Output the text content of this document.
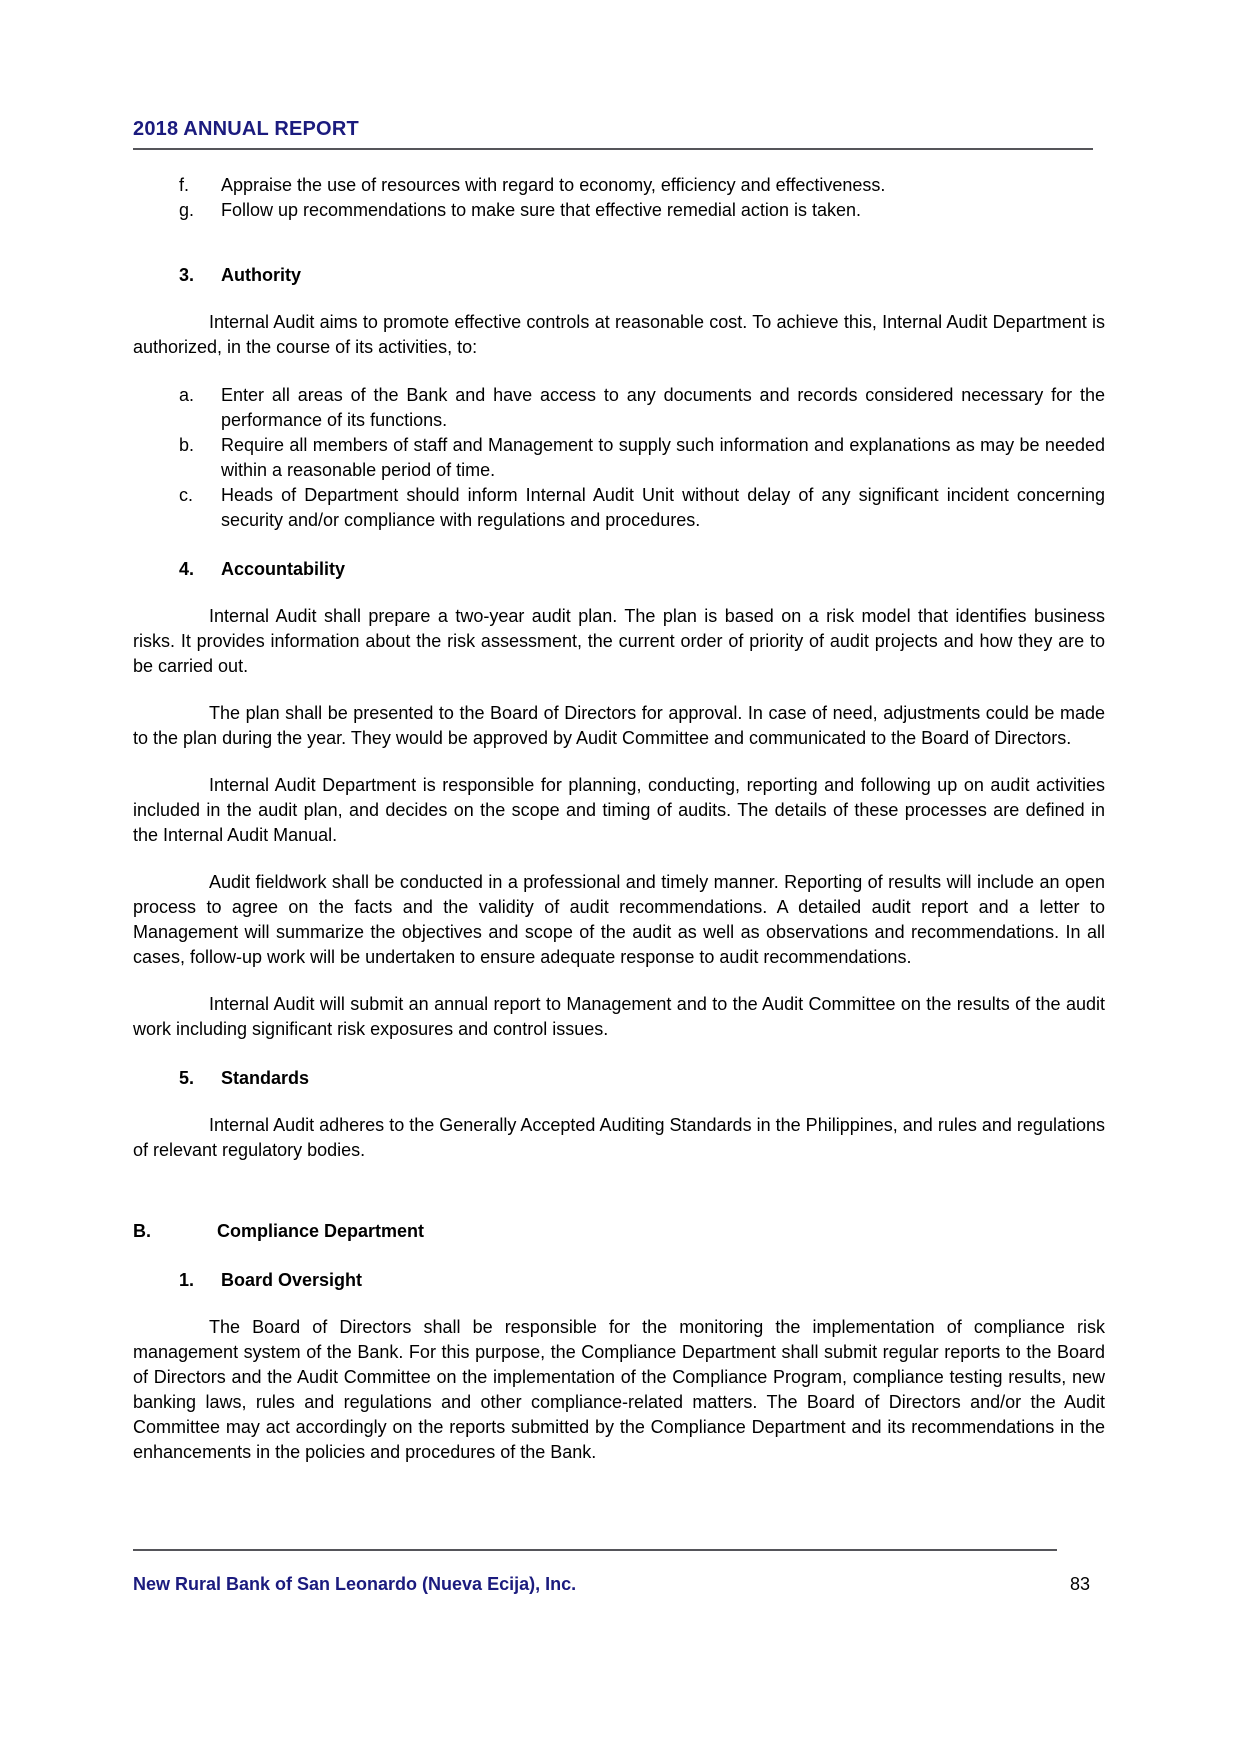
2018 ANNUAL REPORT
f. Appraise the use of resources with regard to economy, efficiency and effectiveness.
g. Follow up recommendations to make sure that effective remedial action is taken.
3. Authority

Internal Audit aims to promote effective controls at reasonable cost. To achieve this, Internal Audit Department is authorized, in the course of its activities, to:

a. Enter all areas of the Bank and have access to any documents and records considered necessary for the performance of its functions.
b. Require all members of staff and Management to supply such information and explanations as may be needed within a reasonable period of time.
c. Heads of Department should inform Internal Audit Unit without delay of any significant incident concerning security and/or compliance with regulations and procedures.
4. Accountability

Internal Audit shall prepare a two-year audit plan. The plan is based on a risk model that identifies business risks. It provides information about the risk assessment, the current order of priority of audit projects and how they are to be carried out.

The plan shall be presented to the Board of Directors for approval. In case of need, adjustments could be made to the plan during the year. They would be approved by Audit Committee and communicated to the Board of Directors.

Internal Audit Department is responsible for planning, conducting, reporting and following up on audit activities included in the audit plan, and decides on the scope and timing of audits. The details of these processes are defined in the Internal Audit Manual.

Audit fieldwork shall be conducted in a professional and timely manner. Reporting of results will include an open process to agree on the facts and the validity of audit recommendations. A detailed audit report and a letter to Management will summarize the objectives and scope of the audit as well as observations and recommendations. In all cases, follow-up work will be undertaken to ensure adequate response to audit recommendations.

Internal Audit will submit an annual report to Management and to the Audit Committee on the results of the audit work including significant risk exposures and control issues.

5. Standards

Internal Audit adheres to the Generally Accepted Auditing Standards in the Philippines, and rules and regulations of relevant regulatory bodies.

B.	Compliance Department
1. Board Oversight

The Board of Directors shall be responsible for the monitoring the implementation of compliance risk management system of the Bank. For this purpose, the Compliance Department shall submit regular reports to the Board of Directors and the Audit Committee on the implementation of the Compliance Program, compliance testing results, new banking laws, rules and regulations and other compliance-related matters. The Board of Directors and/or the Audit Committee may act accordingly on the reports submitted by the Compliance Department and its recommendations in the enhancements in the policies and procedures of the Bank.

New Rural Bank of San Leonardo (Nueva Ecija), Inc.	83
